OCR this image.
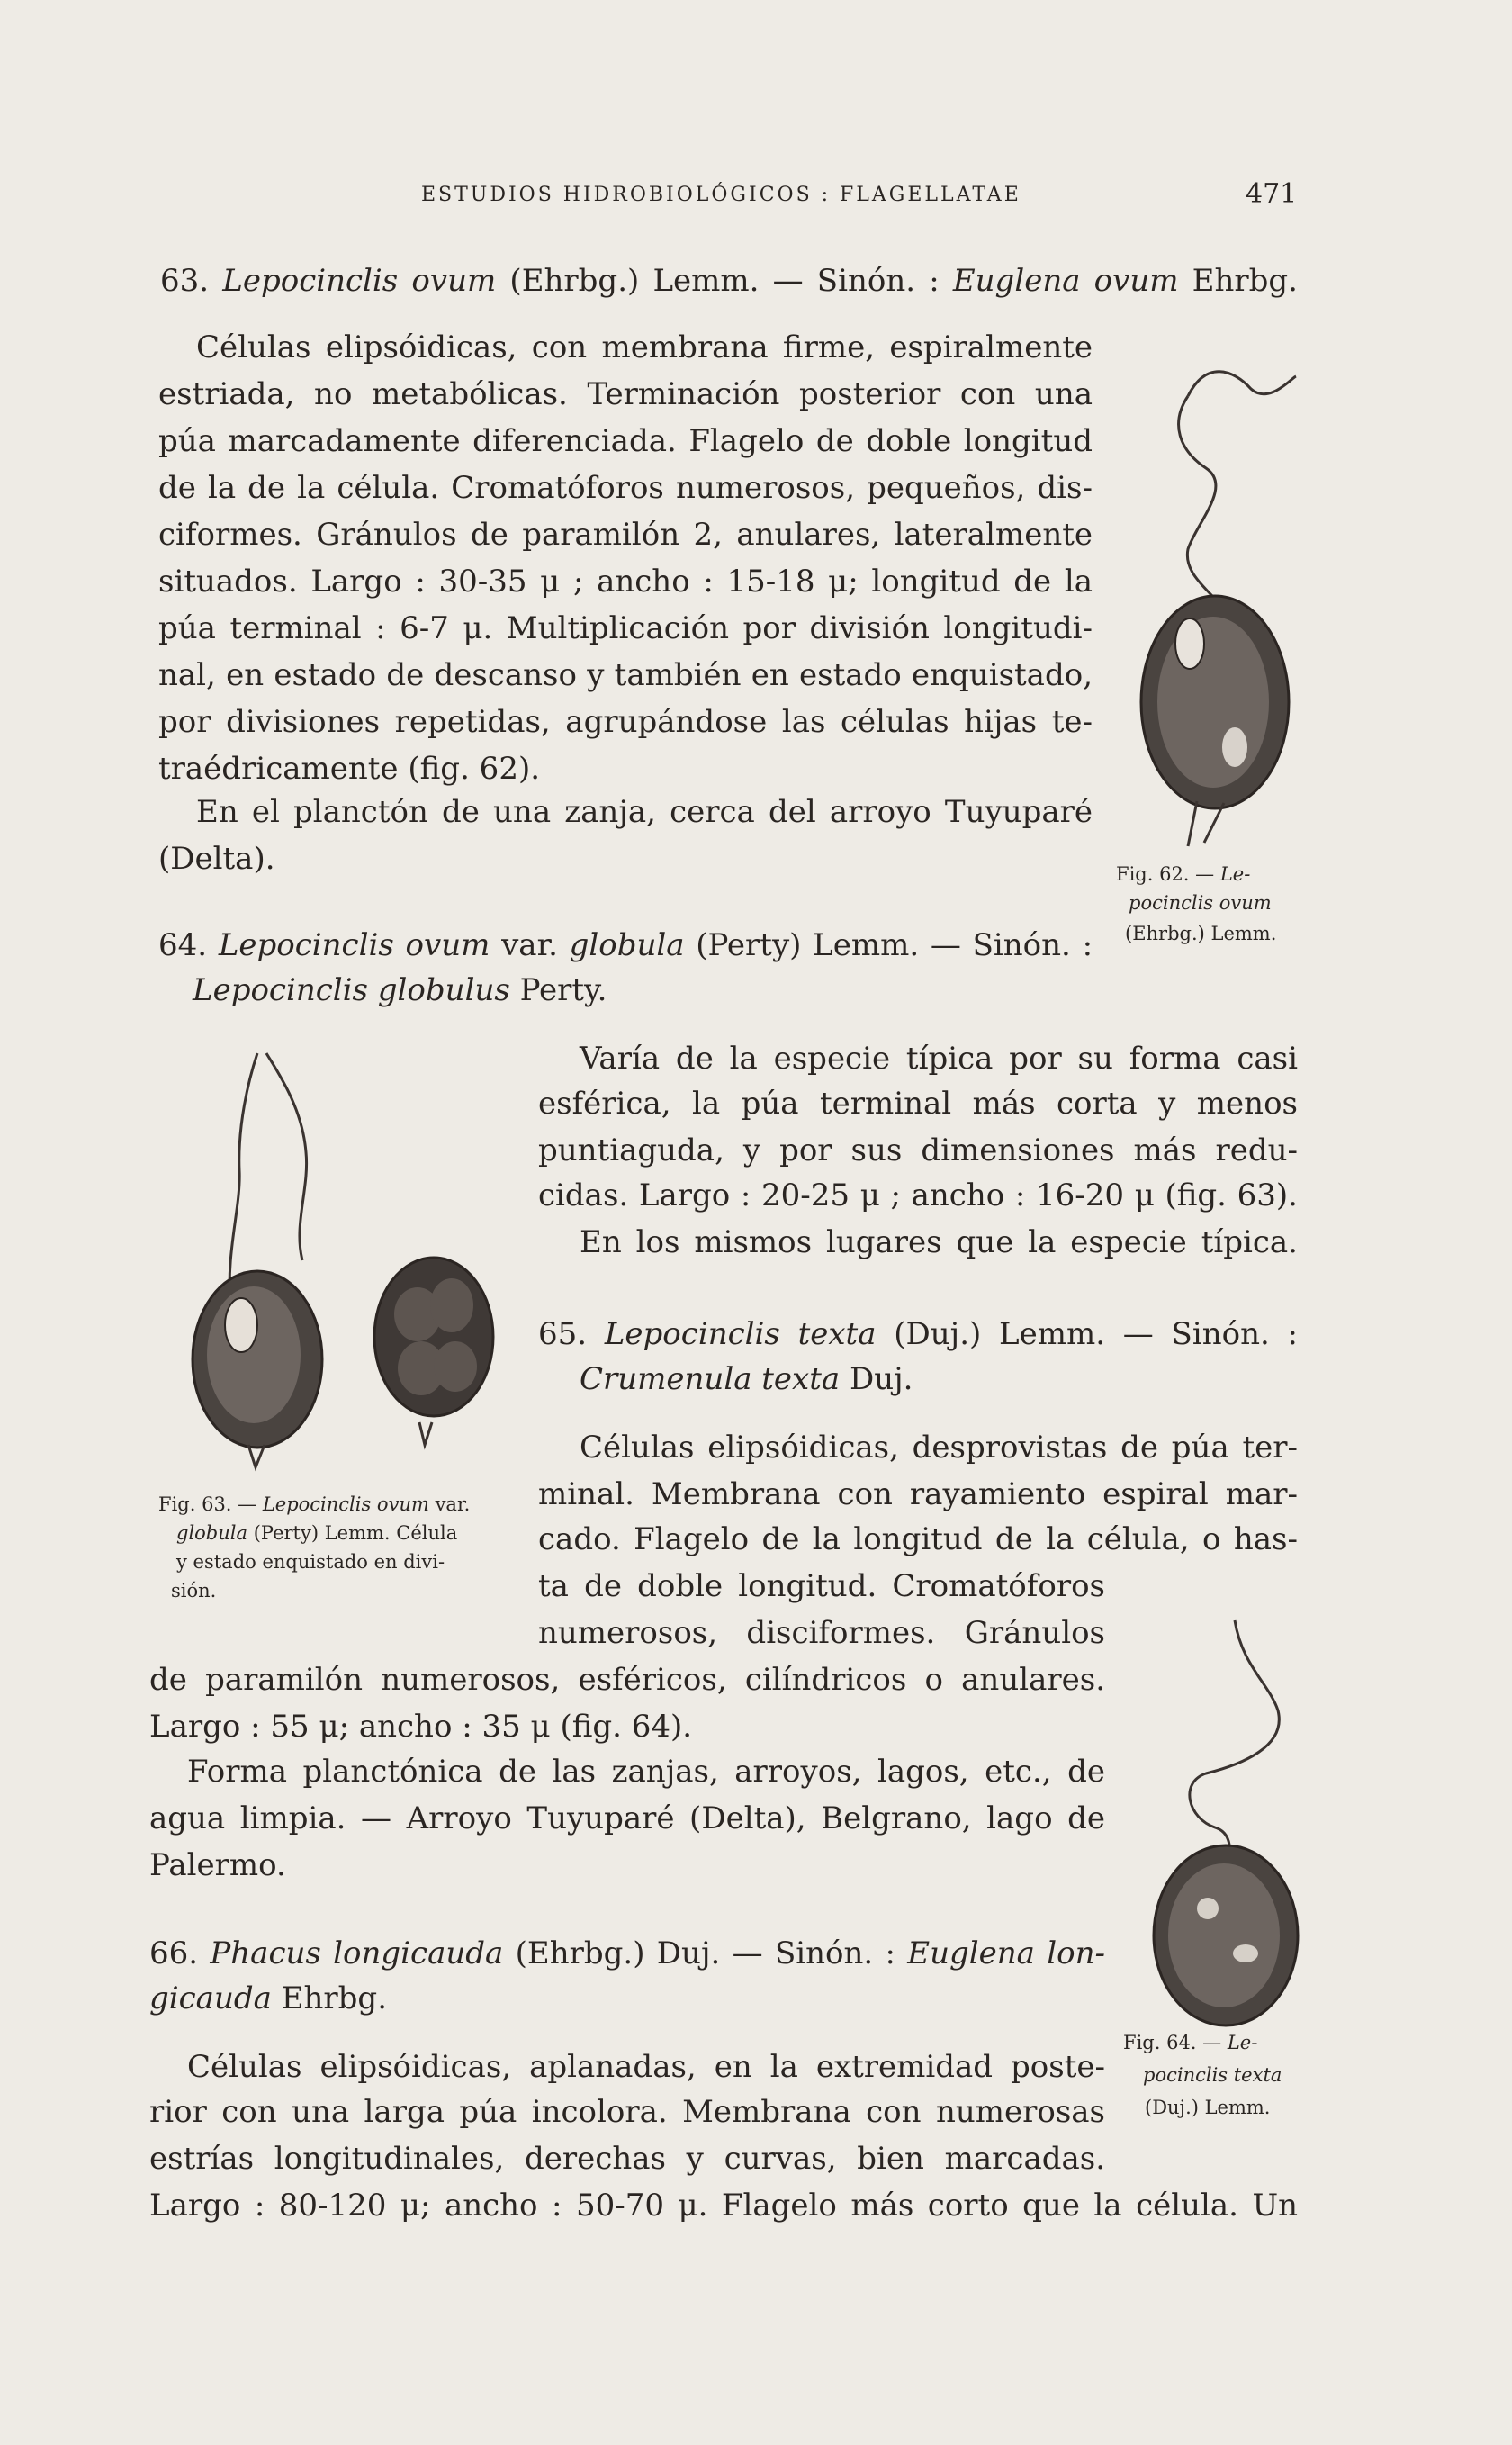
ESTUDIOS HIDROBIOLÓGICOS : FLAGELLATAE	471
63. Lepocinclis ovum (Ehrbg.) Lemm. — Sinón. : Euglena ovum Ehrbg.
Células elipsóidicas, con membrana firme, espiralmente
estriada, no metabólicas. Terminación posterior con una
púa marcadamente diferenciada. Flagelo de doble longitud
de la de la célula. Cromatóforos numerosos, pequeños, dis-
ciformes. Gránulos de paramilón 2, anulares, lateralmente
situados. Largo : 30-35 μ ; ancho : 15-18 μ; longitud de la
púa terminal : 6-7 μ. Multiplicación por división longitudi-
nal, en estado de descanso y también en estado enquistado,
por divisiones repetidas, agrupándose las células hijas te-
traédricamente (fig. 62).
En el planctón de una zanja, cerca del arroyo Tuyuparé
(Delta).	Fig. 62. — Le-
pocinclis ovum
(Ehrbg.) Lemm.
64. Lepocinclis ovum var. globula (Perty) Lemm. — Sinón. :
Lepocinclis globulus Perty.
Varía de la especie típica por su forma casi
esférica, la púa terminal más corta y menos
puntiaguda, y por sus dimensiones más redu-
cidas. Largo : 20-25 μ ; ancho : 16-20 μ (fig. 63).
En los mismos lugares que la especie típica.
Fig. 63. — Lepocinclis ovum var.
globula (Perty) Lemm. Célula
y estado enquistado en divi-
sión.
65. Lepocinclis texta (Duj.) Lemm. — Sinón. :
Crumenula texta Duj.
Células elipsóidicas, desprovistas de púa ter-
minal. Membrana con rayamiento espiral mar-
cado. Flagelo de la longitud de la célula, o has-
ta de doble longitud. Cromatóforos
numerosos, disciformes. Gránulos
de paramilón numerosos, esféricos, cilíndricos o anulares.
Largo : 55 μ; ancho : 35 μ (fig. 64).
Forma planctónica de las zanjas, arroyos, lagos, etc., de
agua limpia. — Arroyo Tuyuparé (Delta), Belgrano, lago de
Palermo.
Fig. 64. — Le-
pocinclis texta
(Duj.) Lemm.
66. Phacus longicauda (Ehrbg.) Duj. — Sinón. : Euglena lon-
gicauda Ehrbg.
Células elipsóidicas, aplanadas, en la extremidad poste-
rior con una larga púa incolora. Membrana con numerosas
estrías longitudinales, derechas y curvas, bien marcadas.
Largo : 80-120 μ; ancho : 50-70 μ. Flagelo más corto que la célula. Un
